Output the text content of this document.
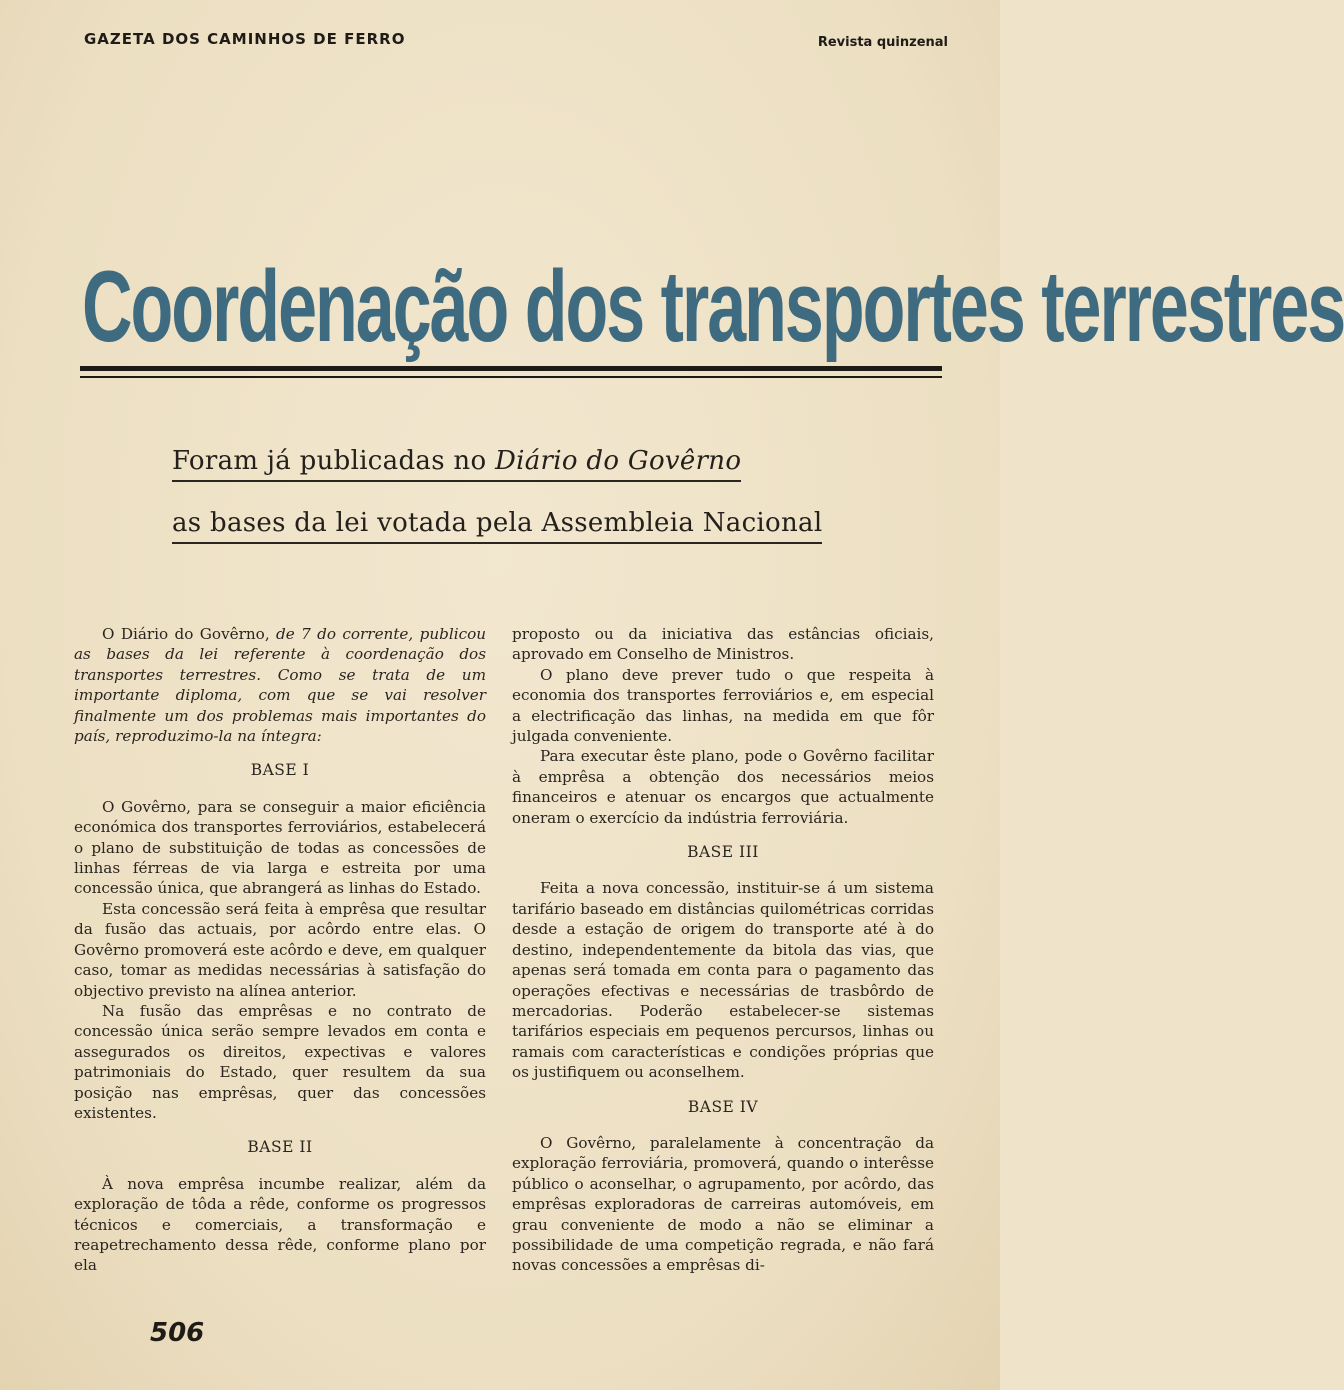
GAZETA DOS CAMINHOS DE FERRO	Revista quinzenal
Coordenação dos transportes terrestres
Foram já publicadas no Diário do Govêrno
as bases da lei votada pela Assembleia Nacional

O Diário do Govêrno, de 7 do corrente, publicou as bases da lei referente à coordenação dos transportes terrestres. Como se trata de um importante diploma, com que se vai resolver finalmente um dos problemas mais importantes do país, reproduzimo-la na íntegra:

BASE I

O Govêrno, para se conseguir a maior eficiência económica dos transportes ferroviários, estabelecerá o plano de substituição de todas as concessões de linhas férreas de via larga e estreita por uma concessão única, que abrangerá as linhas do Estado.

Esta concessão será feita à emprêsa que resultar da fusão das actuais, por acôrdo entre elas. O Govêrno promoverá este acôrdo e deve, em qualquer caso, tomar as medidas necessárias à satisfação do objectivo previsto na alínea anterior.

Na fusão das emprêsas e no contrato de concessão única serão sempre levados em conta e assegurados os direitos, expectivas e valores patrimoniais do Estado, quer resultem da sua posição nas emprêsas, quer das concessões existentes.

BASE II

À nova emprêsa incumbe realizar, além da exploração de tôda a rêde, conforme os progressos técnicos e comerciais, a transformação e reapetrechamento dessa rêde, conforme plano por ela

proposto ou da iniciativa das estâncias oficiais, aprovado em Conselho de Ministros.

O plano deve prever tudo o que respeita à economia dos transportes ferroviários e, em especial a electrificação das linhas, na medida em que fôr julgada conveniente.

Para executar êste plano, pode o Govêrno facilitar à emprêsa a obtenção dos necessários meios financeiros e atenuar os encargos que actualmente oneram o exercício da indústria ferroviária.

BASE III

Feita a nova concessão, instituir-se á um sistema tarifário baseado em distâncias quilométricas corridas desde a estação de origem do transporte até à do destino, independentemente da bitola das vias, que apenas será tomada em conta para o pagamento das operações efectivas e necessárias de trasbôrdo de mercadorias. Poderão estabelecer-se sistemas tarifários especiais em pequenos percursos, linhas ou ramais com características e condições próprias que os justifiquem ou aconselhem.

BASE IV

O Govêrno, paralelamente à concentração da exploração ferroviária, promoverá, quando o interêsse público o aconselhar, o agrupamento, por acôrdo, das emprêsas exploradoras de carreiras automóveis, em grau conveniente de modo a não se eliminar a possibilidade de uma competição regrada, e não fará novas concessões a emprêsas di-

506
